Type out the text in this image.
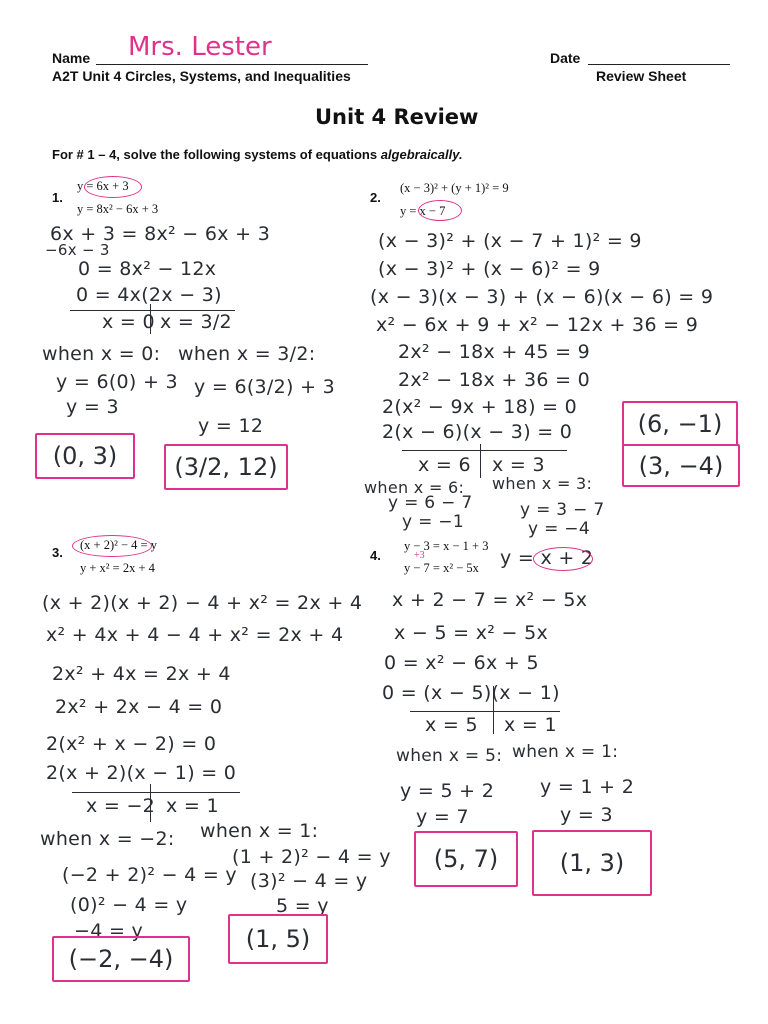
Name Mrs. Lester	Date
A2T Unit 4 Circles, Systems, and Inequalities	Review Sheet
Unit 4 Review
For # 1 – 4, solve the following systems of equations algebraically.
1.
y = 6x + 3
y = 8x² − 6x + 3
6x + 3 = 8x² − 6x + 3
−6x − 3
0 = 8x² − 12x
0 = 4x(2x − 3)
x = 0 x = 3/2
when x = 0: when x = 3/2:
y = 6(0) + 3
y = 3
y = 6(3/2) + 3
y = 12
(0, 3)	(3/2, 12)
2.
(x − 3)² + (y + 1)² = 9
y = x − 7
(x − 3)² + (x − 7 + 1)² = 9
(x − 3)² + (x − 6)² = 9
(x − 3)(x − 3) + (x − 6)(x − 6) = 9
x² − 6x + 9 + x² − 12x + 36 = 9
2x² − 18x + 45 = 9
2x² − 18x + 36 = 0
2(x² − 9x + 18) = 0
2(x − 6)(x − 3) = 0
x = 6 x = 3
when x = 6: when x = 3:
y = 6 − 7
y = −1
y = 3 − 7
y = −4
(6, −1)
(3, −4)
3. (x + 2)² − 4 = y
y + x² = 2x + 4
(x + 2)(x + 2) − 4 + x² = 2x + 4
x² + 4x + 4 − 4 + x² = 2x + 4
2x² + 4x = 2x + 4
2x² + 2x − 4 = 0
2(x² + x − 2) = 0
2(x + 2)(x − 1) = 0
x = −2 x = 1
when x = −2: when x = 1:
(−2 + 2)² − 4 = y
(0)² − 4 = y
−4 = y
(1 + 2)² − 4 = y
(3)² − 4 = y
5 = y
(−2, −4)
(1, 5)
4.
y − 3 = x − 1 + 3
+3
y − 7 = x² − 5x y = x + 2
x + 2 − 7 = x² − 5x
x − 5 = x² − 5x
0 = x² − 6x + 5
0 = (x − 5)(x − 1)
x = 5 x = 1
when x = 5: when x = 1:
y = 5 + 2
y = 7
y = 1 + 2
y = 3
(5, 7)	(1, 3)
